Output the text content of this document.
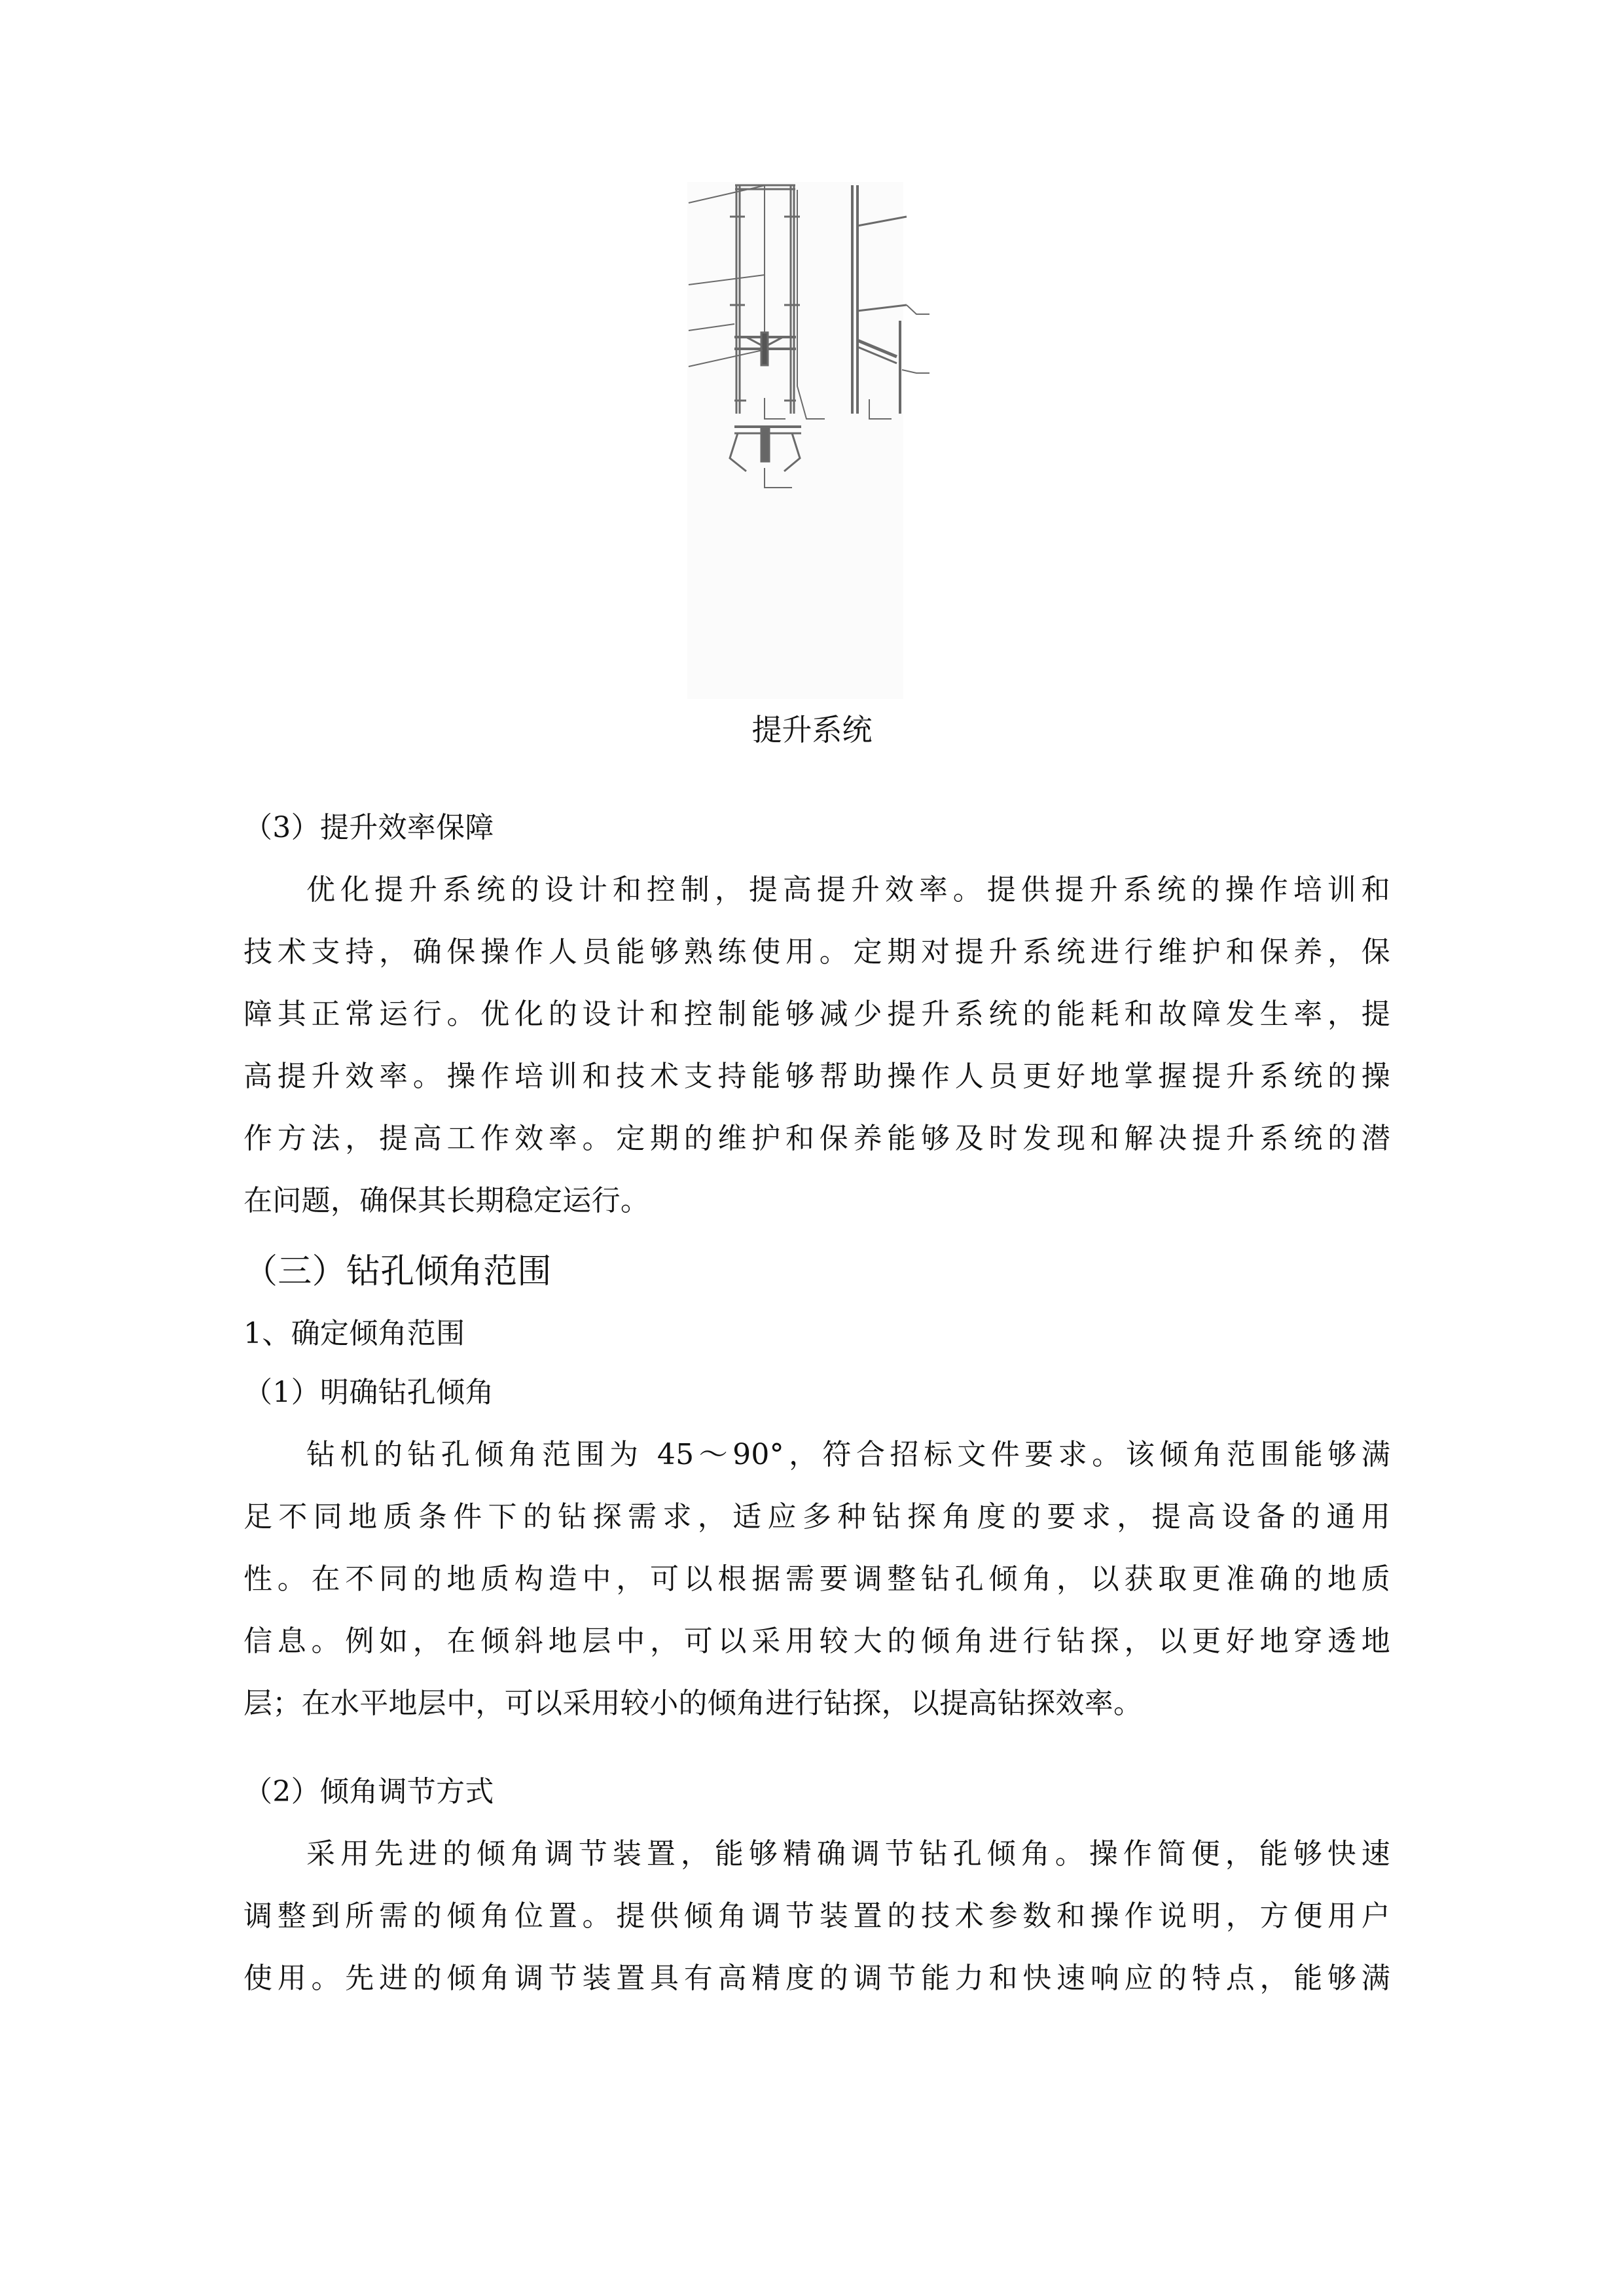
提升系统
（3）提升效率保障
优化提升系统的设计和控制，提高提升效率。提供提升系统的操作培训和
技术支持，确保操作人员能够熟练使用。定期对提升系统进行维护和保养，保
障其正常运行。优化的设计和控制能够减少提升系统的能耗和故障发生率，提
高提升效率。操作培训和技术支持能够帮助操作人员更好地掌握提升系统的操
作方法，提高工作效率。定期的维护和保养能够及时发现和解决提升系统的潜
在问题，确保其长期稳定运行。
（三）钻孔倾角范围
1、确定倾角范围
（1）明确钻孔倾角
钻机的钻孔倾角范围为 45～90°，符合招标文件要求。该倾角范围能够满
足不同地质条件下的钻探需求，适应多种钻探角度的要求，提高设备的通用
性。在不同的地质构造中，可以根据需要调整钻孔倾角，以获取更准确的地质
信息。例如，在倾斜地层中，可以采用较大的倾角进行钻探，以更好地穿透地
层；在水平地层中，可以采用较小的倾角进行钻探，以提高钻探效率。
（2）倾角调节方式
采用先进的倾角调节装置，能够精确调节钻孔倾角。操作简便，能够快速
调整到所需的倾角位置。提供倾角调节装置的技术参数和操作说明，方便用户
使用。先进的倾角调节装置具有高精度的调节能力和快速响应的特点，能够满
